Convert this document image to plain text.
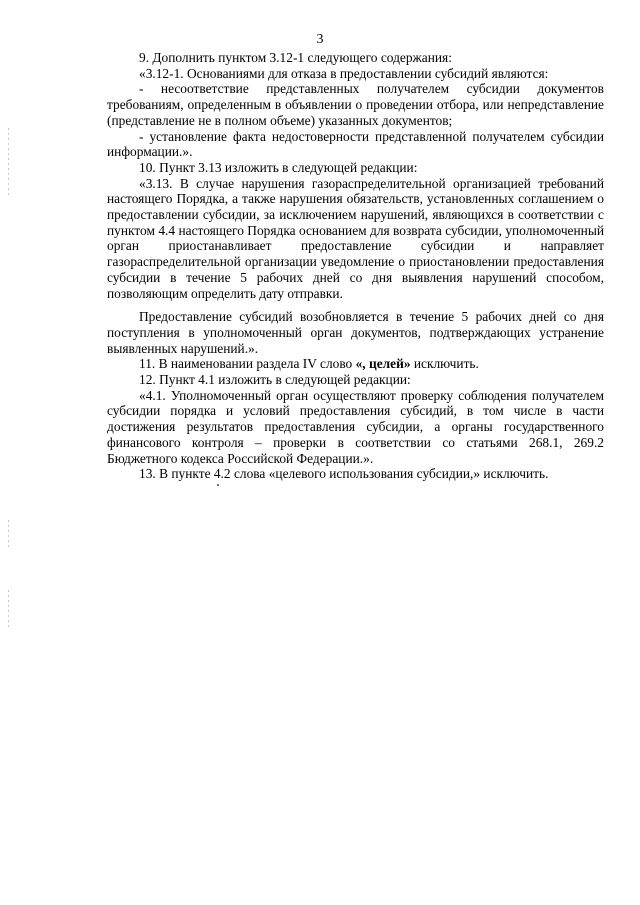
3

9. Дополнить пунктом 3.12-1 следующего содержания:

«3.12-1. Основаниями для отказа в предоставлении субсидий являются:

- несоответствие представленных получателем субсидии документов требованиям, определенным в объявлении о проведении отбора, или непредставление (представление не в полном объеме) указанных документов;

- установление факта недостоверности представленной получателем субсидии информации.».

10. Пункт 3.13 изложить в следующей редакции:

«3.13. В случае нарушения газораспределительной организацией требований настоящего Порядка, а также нарушения обязательств, установленных соглашением о предоставлении субсидии, за исключением нарушений, являющихся в соответствии с пунктом 4.4 настоящего Порядка основанием для возврата субсидии, уполномоченный орган приостанавливает предоставление субсидии и направляет газораспределительной организации уведомление о приостановлении предоставления субсидии в течение 5 рабочих дней со дня выявления нарушений способом, позволяющим определить дату отправки.

Предоставление субсидий возобновляется в течение 5 рабочих дней со дня поступления в уполномоченный орган документов, подтверждающих устранение выявленных нарушений.».

11. В наименовании раздела IV слово «, целей» исключить.

12. Пункт 4.1 изложить в следующей редакции:

«4.1. Уполномоченный орган осуществляют проверку соблюдения получателем субсидии порядка и условий предоставления субсидий, в том числе в части достижения результатов предоставления субсидии, а органы государственного финансового контроля – проверки в соответствии со статьями 268.1, 269.2 Бюджетного кодекса Российской Федерации.».

13. В пункте 4.2 слова «целевого использования субсидии,» исключить.
